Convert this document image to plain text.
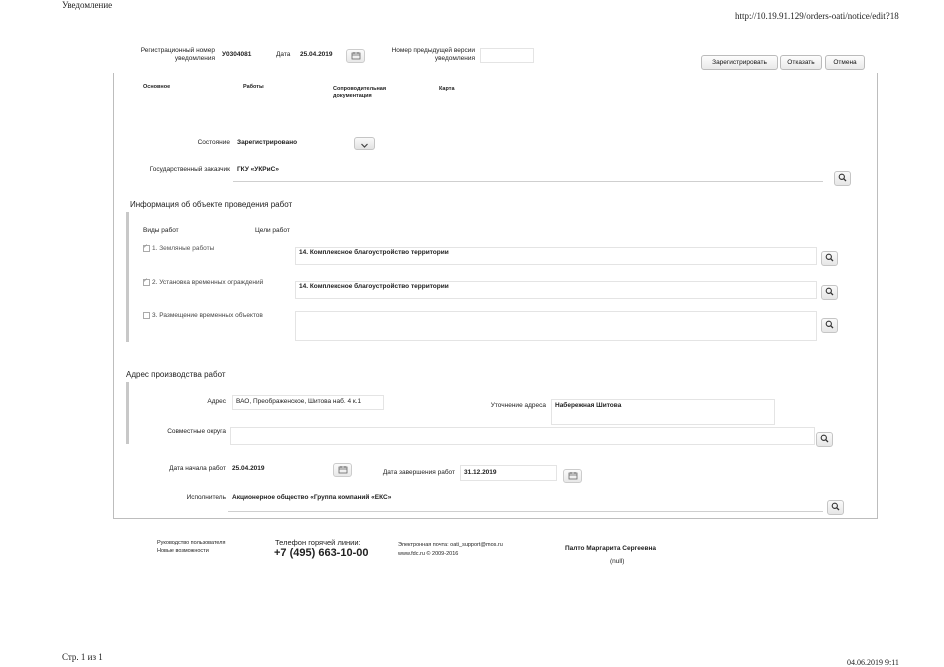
Уведомление
http://10.19.91.129/orders-oati/notice/edit?18
Регистрационный номер уведомления
У0304081	Дата 25.04.2019
Номер предыдущей версии уведомления
Зарегистрировать	Отказать	Отмена
Основное	Работы	Сопроводительная документация
Карта
Состояние Зарегистрировано
Государственный заказчик ГКУ «УКРиС»
Информация об объекте проведения работ
Виды работ	Цели работ
✓1. Земляные работы
14. Комплексное благоустройство территории
✓2. Установка временных ограждений
14. Комплексное благоустройство территории
3. Размещение временных объектов
Адрес производства работ
Адрес ВАО, Преображенское, Шитова наб. 4 к.1
Уточнение адреса Набережная Шитова
Совместные округа
Дата начала работ 25.04.2019
Дата завершения работ 31.12.2019
Исполнитель Акционерное общество «Группа компаний «ЕКС»
Руководство пользователя
Новые возможности
Телефон горячей линии:
+7 (495) 663-10-00
Электронная почта: oati_support@mos.ru
www.fdc.ru © 2009-2016
Палто Маргарита Сергеевна
(null)
Стр. 1 из 1
04.06.2019 9:11
